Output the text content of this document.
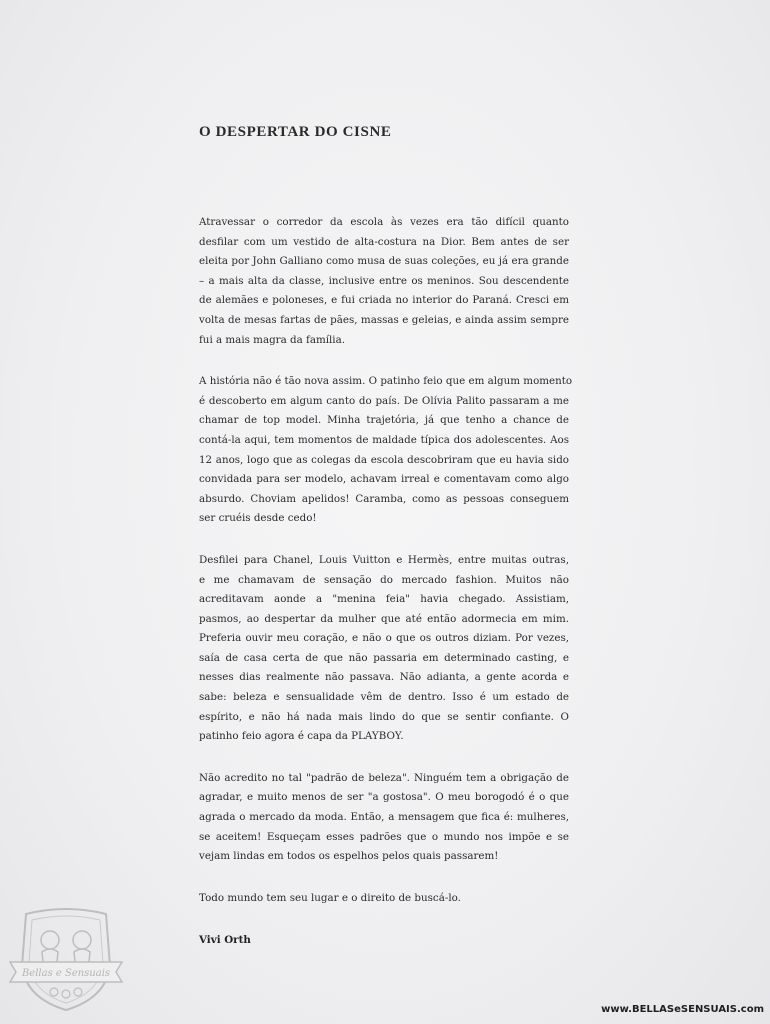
O DESPERTAR DO CISNE

Atravessar o corredor da escola às vezes era tão difícil quanto
desfilar com um vestido de alta-costura na Dior. Bem antes de ser
eleita por John Galliano como musa de suas coleções, eu já era grande
– a mais alta da classe, inclusive entre os meninos. Sou descendente
de alemães e poloneses, e fui criada no interior do Paraná. Cresci em
volta de mesas fartas de pães, massas e geleias, e ainda assim sempre
fui a mais magra da família.

A história não é tão nova assim. O patinho feio que em algum momento
é descoberto em algum canto do país. De Olívia Palito passaram a me
chamar de top model. Minha trajetória, já que tenho a chance de
contá-la aqui, tem momentos de maldade típica dos adolescentes. Aos
12 anos, logo que as colegas da escola descobriram que eu havia sido
convidada para ser modelo, achavam irreal e comentavam como algo
absurdo. Choviam apelidos! Caramba, como as pessoas conseguem
ser cruéis desde cedo!

Desfilei para Chanel, Louis Vuitton e Hermès, entre muitas outras,
e me chamavam de sensação do mercado fashion. Muitos não
acreditavam aonde a "menina feia" havia chegado. Assistiam,
pasmos, ao despertar da mulher que até então adormecia em mim.
Preferia ouvir meu coração, e não o que os outros diziam. Por vezes,
saía de casa certa de que não passaria em determinado casting, e
nesses dias realmente não passava. Não adianta, a gente acorda e
sabe: beleza e sensualidade vêm de dentro. Isso é um estado de
espírito, e não há nada mais lindo do que se sentir confiante. O
patinho feio agora é capa da PLAYBOY.

Não acredito no tal "padrão de beleza". Ninguém tem a obrigação de
agradar, e muito menos de ser "a gostosa". O meu borogodó é o que
agrada o mercado da moda. Então, a mensagem que fica é: mulheres,
se aceitem! Esqueçam esses padrões que o mundo nos impõe e se
vejam lindas em todos os espelhos pelos quais passarem!

Todo mundo tem seu lugar e o direito de buscá-lo.

Vivi Orth

Bellas e Sensuais

www.BELLASeSENSUAIS.com
